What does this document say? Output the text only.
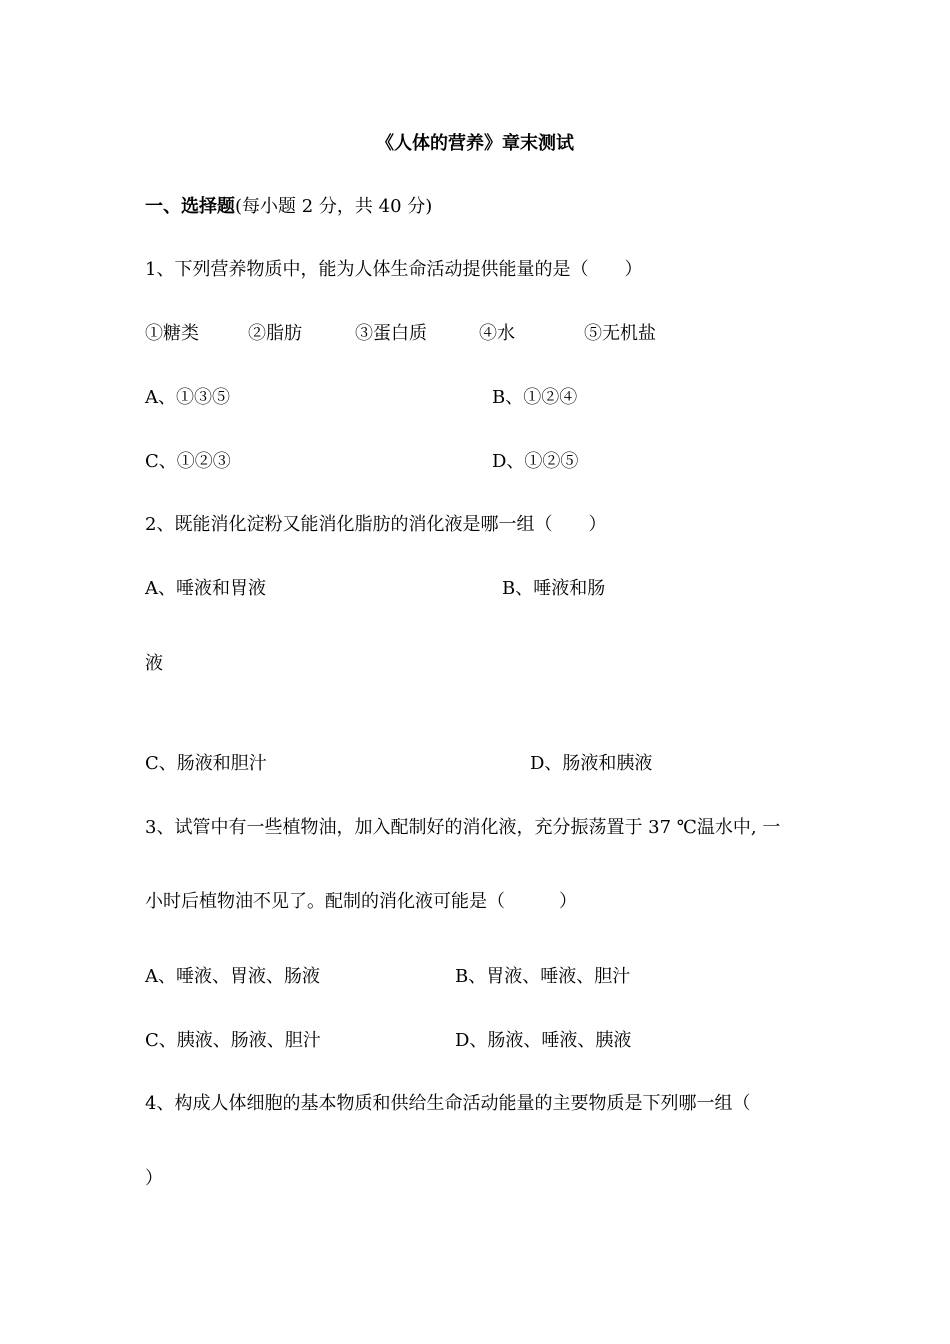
《人体的营养》章末测试
一、选择题(每小题 2 分，共 40 分)
1、下列营养物质中，能为人体生命活动提供能量的是（　　）
①糖类	②脂肪	③蛋白质	④水	⑤无机盐
A、①③⑤	B、①②④
C、①②③	D、①②⑤
2、既能消化淀粉又能消化脂肪的消化液是哪一组（　　）
A、唾液和胃液	B、唾液和肠
液
C、肠液和胆汁	D、肠液和胰液
3、试管中有一些植物油，加入配制好的消化液，充分振荡置于 37 ℃温水中, 一
小时后植物油不见了。配制的消化液可能是（　　　）
A、唾液、胃液、肠液	B、胃液、唾液、胆汁
C、胰液、肠液、胆汁	D、肠液、唾液、胰液
4、构成人体细胞的基本物质和供给生命活动能量的主要物质是下列哪一组（
）
